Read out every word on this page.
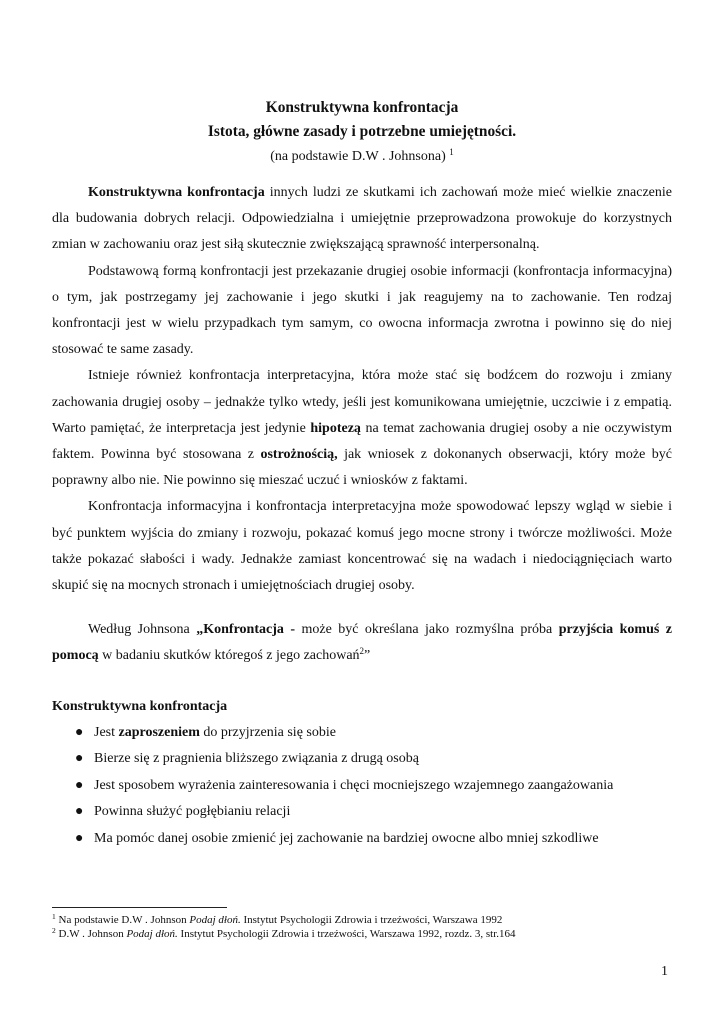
Konstruktywna konfrontacja

Istota, główne zasady i potrzebne umiejętności.

(na podstawie D.W . Johnsona) $^1$

Konstruktywna konfrontacja innych ludzi ze skutkami ich zachowań może mieć wielkie znaczenie dla budowania dobrych relacji. Odpowiedzialna i umiejętnie przeprowadzona prowokuje do korzystnych zmian w zachowaniu oraz jest siłą skutecznie zwiększającą sprawność interpersonalną.

Podstawową formą konfrontacji jest przekazanie drugiej osobie informacji (konfrontacja informacyjna) o tym, jak postrzegamy jej zachowanie i jego skutki i jak reagujemy na to zachowanie. Ten rodzaj konfrontacji jest w wielu przypadkach tym samym, co owocna informacja zwrotna i powinno się do niej stosować te same zasady.

Istnieje również konfrontacja interpretacyjna, która może stać się bodźcem do rozwoju i zmiany zachowania drugiej osoby – jednakże tylko wtedy, jeśli jest komunikowana umiejętnie, uczciwie i z empatią. Warto pamiętać, że interpretacja jest jedynie hipotezą na temat zachowania drugiej osoby a nie oczywistym faktem. Powinna być stosowana z ostrożnością, jak wniosek z dokonanych obserwacji, który może być poprawny albo nie. Nie powinno się mieszać uczuć i wniosków z faktami.

Konfrontacja informacyjna i konfrontacja interpretacyjna może spowodować lepszy wgląd w siebie i być punktem wyjścia do zmiany i rozwoju, pokazać komuś jego mocne strony i twórcze możliwości. Może także pokazać słabości i wady. Jednakże zamiast koncentrować się na wadach i niedociągnięciach warto skupić się na mocnych stronach i umiejętnościach drugiej osoby.

Według Johnsona „Konfrontacja - może być określana jako rozmyślna próba przyjścia komuś z pomocą w badaniu skutków któregoś z jego zachowań$^2$”

Konstruktywna konfrontacja

● Jest zaproszeniem do przyjrzenia się sobie
● Bierze się z pragnienia bliższego związania z drugą osobą
● Jest sposobem wyrażenia zainteresowania i chęci mocniejszego wzajemnego zaangażowania
● Powinna służyć pogłębianiu relacji
● Ma pomóc danej osobie zmienić jej zachowanie na bardziej owocne albo mniej szkodliwe

$^1$ Na podstawie D.W . Johnson Podaj dłoń. Instytut Psychologii Zdrowia i trzeźwości, Warszawa 1992

$^2$ D.W . Johnson Podaj dłoń. Instytut Psychologii Zdrowia i trzeźwości, Warszawa 1992, rozdz. 3, str.164

1
